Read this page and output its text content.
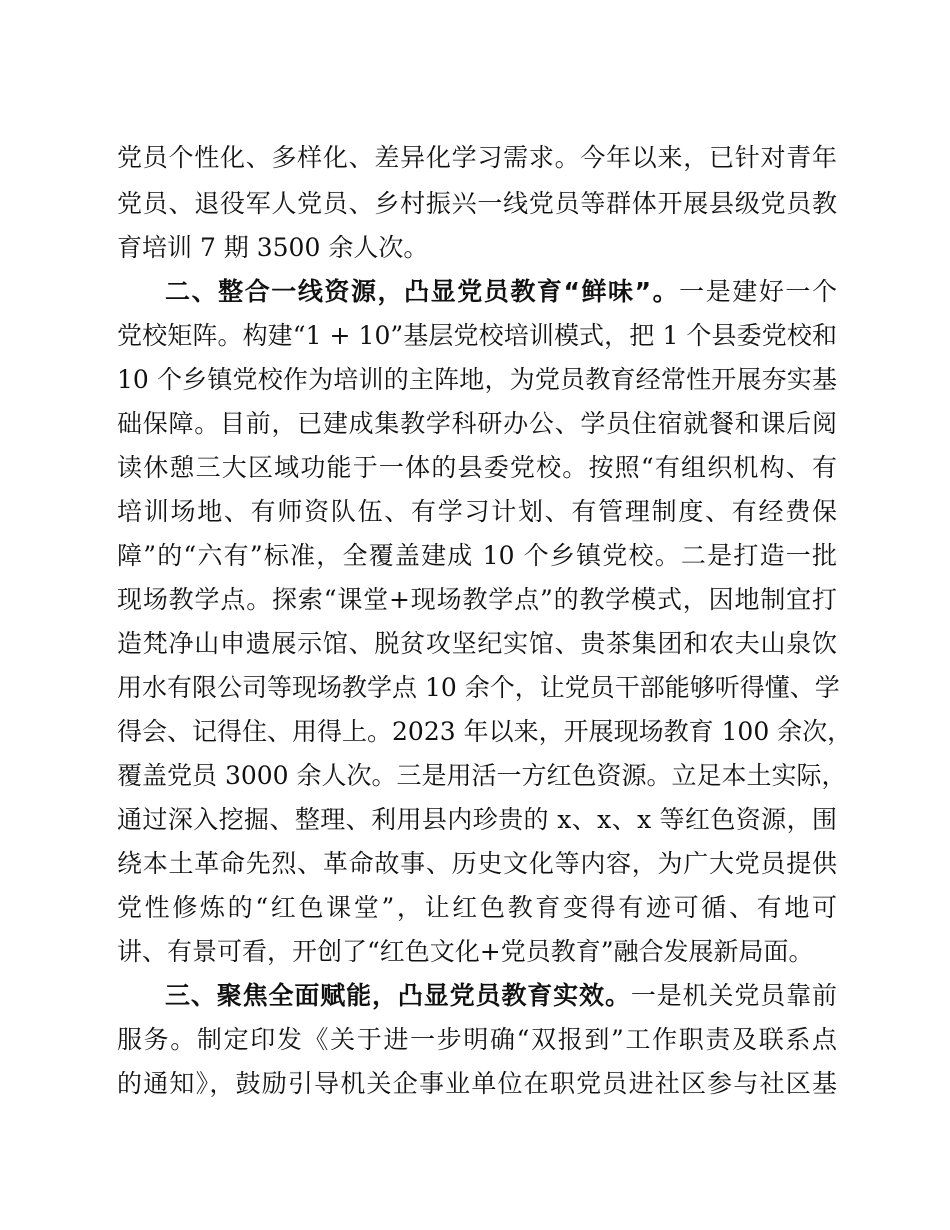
党员个性化、多样化、差异化学习需求。今年以来，已针对青年
党员、退役军人党员、乡村振兴一线党员等群体开展县级党员教
育培训 7 期 3500 余人次。
二、整合一线资源，凸显党员教育“鲜味”。一是建好一个
党校矩阵。构建“1 + 10”基层党校培训模式，把 1 个县委党校和
10 个乡镇党校作为培训的主阵地，为党员教育经常性开展夯实基
础保障。目前，已建成集教学科研办公、学员住宿就餐和课后阅
读休憩三大区域功能于一体的县委党校。按照“有组织机构、有
培训场地、有师资队伍、有学习计划、有管理制度、有经费保
障”的“六有”标准，全覆盖建成 10 个乡镇党校。二是打造一批
现场教学点。探索“课堂+现场教学点”的教学模式，因地制宜打
造梵净山申遗展示馆、脱贫攻坚纪实馆、贵茶集团和农夫山泉饮
用水有限公司等现场教学点 10 余个，让党员干部能够听得懂、学
得会、记得住、用得上。2023 年以来，开展现场教育 100 余次，
覆盖党员 3000 余人次。三是用活一方红色资源。立足本土实际，
通过深入挖掘、整理、利用县内珍贵的 x、x、x 等红色资源，围
绕本土革命先烈、革命故事、历史文化等内容，为广大党员提供
党性修炼的“红色课堂”，让红色教育变得有迹可循、有地可
讲、有景可看，开创了“红色文化+党员教育”融合发展新局面。
三、聚焦全面赋能，凸显党员教育实效。一是机关党员靠前
服务。制定印发《关于进一步明确“双报到”工作职责及联系点
的通知》，鼓励引导机关企事业单位在职党员进社区参与社区基
